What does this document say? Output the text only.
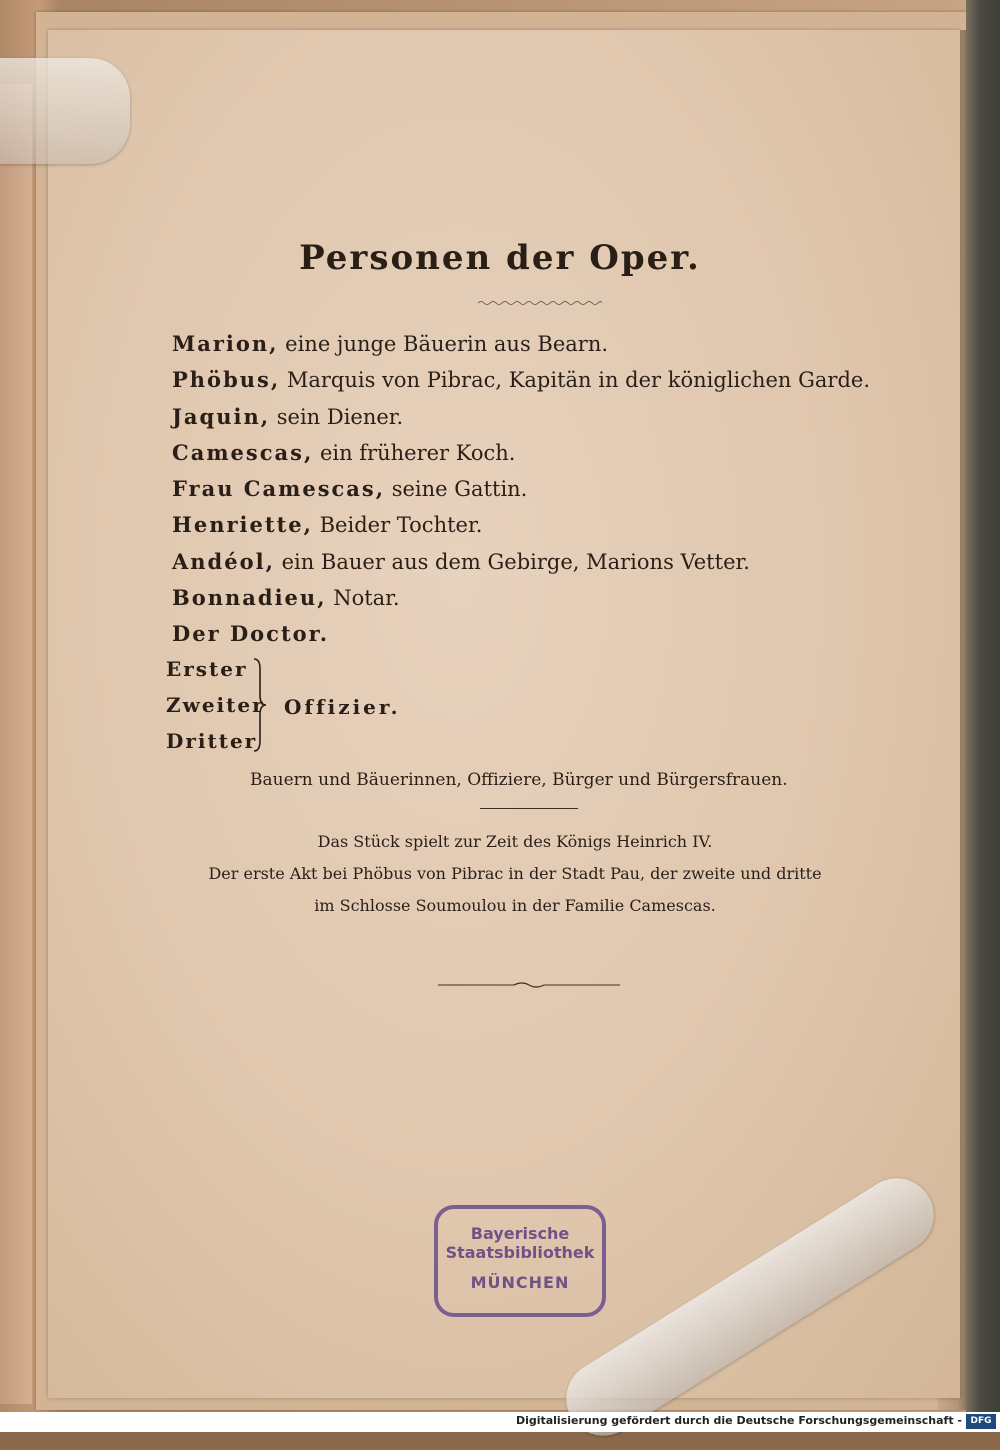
Personen der Oper.
Marion, eine junge Bäuerin aus Bearn.
Phöbus, Marquis von Pibrac, Kapitän in der königlichen Garde.
Jaquin, sein Diener.
Camescas, ein früherer Koch.
Frau Camescas, seine Gattin.
Henriette, Beider Tochter.
Andéol, ein Bauer aus dem Gebirge, Marions Vetter.
Bonnadieu, Notar.
Der Doctor.
Erster
Zweiter
Dritter
Offizier.
Bauern und Bäuerinnen, Offiziere, Bürger und Bürgersfrauen.
Das Stück spielt zur Zeit des Königs Heinrich IV.
Der erste Akt bei Phöbus von Pibrac in der Stadt Pau, der zweite und dritte
im Schlosse Soumoulou in der Familie Camescas.
Bayerische
Staatsbibliothek
MÜNCHEN
Digitalisierung gefördert durch die Deutsche Forschungsgemeinschaft - DFG
